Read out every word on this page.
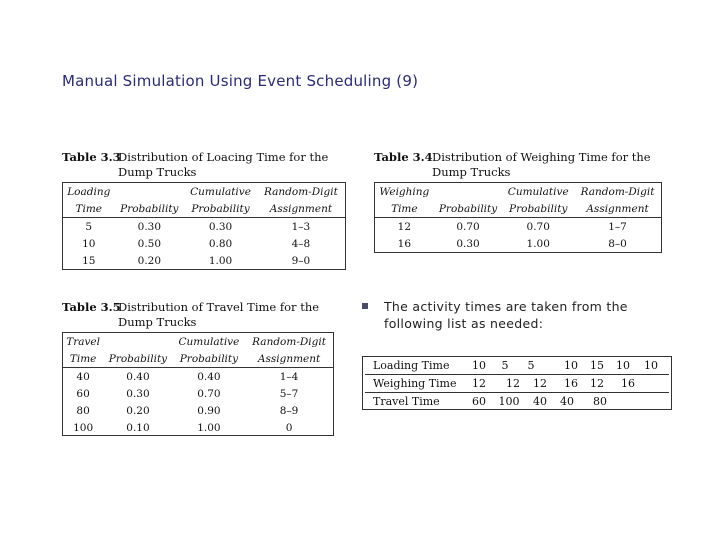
Manual Simulation Using Event Scheduling (9)
Table 3.3
Distribution of Loacing Time for the
Dump Trucks
Loading		Cumulative	Random-Digit
Time	Probability	Probability	Assignment
5	0.30	0.30	1–3
10	0.50	0.80	4–8
15	0.20	1.00	9–0
Table 3.4 Distribution of Weighing Time for the
Dump Trucks
Weighing		Cumulative	Random-Digit
Time	Probability	Probability	Assignment
12	0.70	0.70	1–7
16	0.30	1.00	8–0
Table 3.5
Distribution of Travel Time for the
Dump Trucks
Travel		Cumulative	Random-Digit
Time	Probability	Probability	Assignment
40	0.40	0.40	1–4
60	0.30	0.70	5–7
80	0.20	0.90	8–9
100	0.10	1.00	0
The activity times are taken from the following list as needed:
Loading Time	10	5	5	10	15	10	10
Weighing Time	12	12	12	16	12	16
Travel Time	60	100	40	40	80
